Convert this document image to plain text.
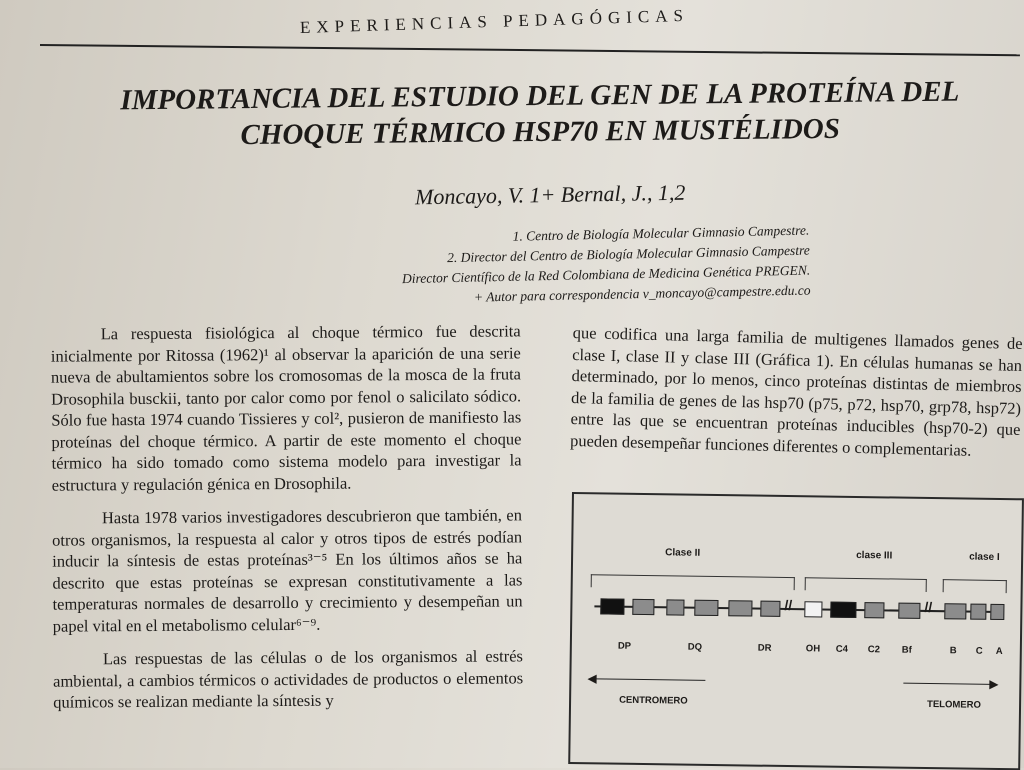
EXPERIENCIAS PEDAGÓGICAS
IMPORTANCIA DEL ESTUDIO DEL GEN DE LA PROTEÍNA DEL
CHOQUE TÉRMICO HSP70 EN MUSTÉLIDOS
Moncayo, V. 1+ Bernal, J., 1,2
1. Centro de Biología Molecular Gimnasio Campestre.
2. Director del Centro de Biología Molecular Gimnasio Campestre
Director Científico de la Red Colombiana de Medicina Genética PREGEN.
+ Autor para correspondencia v_moncayo@campestre.edu.co

La respuesta fisiológica al choque térmico fue descrita inicialmente por Ritossa (1962)¹ al observar la aparición de una serie nueva de abultamientos sobre los cromosomas de la mosca de la fruta Drosophila busckii, tanto por calor como por fenol o salicilato sódico. Sólo fue hasta 1974 cuando Tissieres y col², pusieron de manifiesto las proteínas del choque térmico. A partir de este momento el choque térmico ha sido tomado como sistema modelo para investigar la estructura y regulación génica en Drosophila.

Hasta 1978 varios investigadores descubrieron que también, en otros organismos, la respuesta al calor y otros tipos de estrés podían inducir la síntesis de estas proteínas³⁻⁵ En los últimos años se ha descrito que estas proteínas se expresan constitutivamente a las temperaturas normales de desarrollo y crecimiento y desempeñan un papel vital en el metabolismo celular⁶⁻⁹.

Las respuestas de las células o de los organismos al estrés ambiental, a cambios térmicos o actividades de productos o elementos químicos se realizan mediante la síntesis y

que codifica una larga familia de multigenes llamados genes de clase I, clase II y clase III (Gráfica 1). En células humanas se han determinado, por lo menos, cinco proteínas distintas de miembros de la familia de genes de las hsp70 (p75, p72, hsp70, grp78, hsp72) entre las que se encuentran proteínas inducibles (hsp70-2) que pueden desempeñar funciones diferentes o complementarias.

Clase II	clase III	clase I
//	//
DP	DQ	DR	OH C4 C2 Bf	B C A
◀
CENTROMERO
▶
TELOMERO
